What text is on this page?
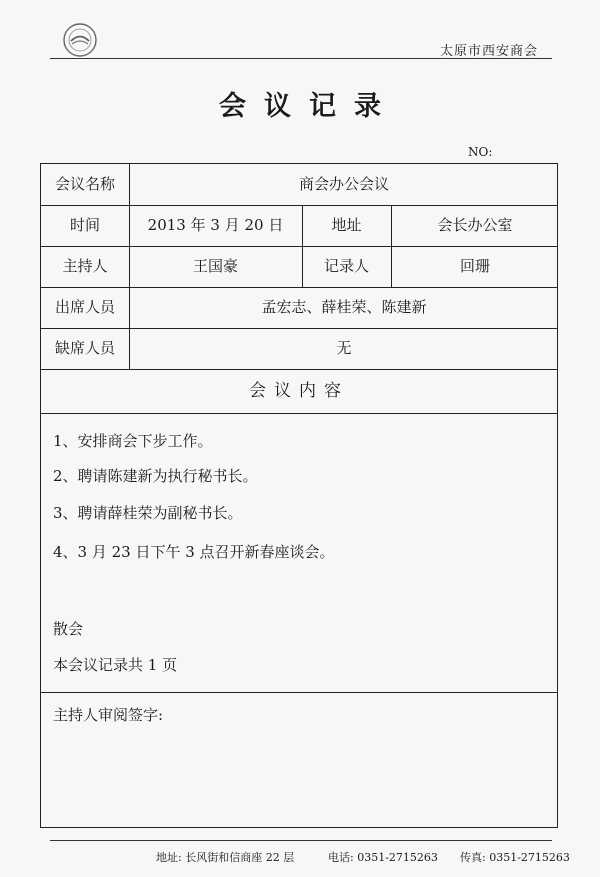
太原市西安商会
会议记录
NO:
会议名称	商会办公会议
时间	2013 年 3 月 20 日	地址	会长办公室
主持人	王国豪	记录人	回珊
出席人员	孟宏志、薛桂荣、陈建新
缺席人员	无
会议内容
1、安排商会下步工作。
2、聘请陈建新为执行秘书长。
3、聘请薛桂荣为副秘书长。
4、3 月 23 日下午 3 点召开新春座谈会。
散会
本会议记录共 1 页
主持人审阅签字:
地址: 长风街和信商座 22 层	电话: 0351-2715263 传真: 0351-2715263
